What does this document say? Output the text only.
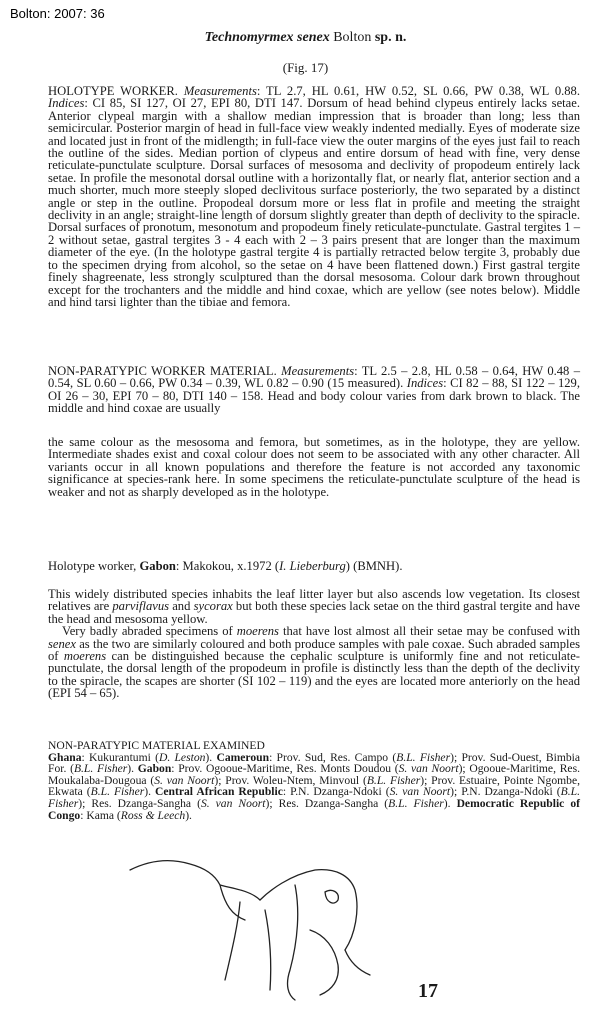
Bolton: 2007: 36
Technomyrmex senex Bolton sp. n.
(Fig. 17)
HOLOTYPE WORKER. Measurements: TL 2.7, HL 0.61, HW 0.52, SL 0.66, PW 0.38, WL 0.88. Indices: CI 85, SI 127, OI 27, EPI 80, DTI 147. Dorsum of head behind clypeus entirely lacks setae. Anterior clypeal margin with a shallow median impression that is broader than long; less than semicircular. Posterior margin of head in full-face view weakly indented medially. Eyes of moderate size and located just in front of the midlength; in full-face view the outer margins of the eyes just fail to reach the outline of the sides. Median portion of clypeus and entire dorsum of head with fine, very dense reticulate-punctulate sculpture. Dorsal surfaces of mesosoma and declivity of propodeum entirely lack setae. In profile the mesonotal dorsal outline with a horizontally flat, or nearly flat, anterior section and a much shorter, much more steeply sloped declivitous surface posteriorly, the two separated by a distinct angle or step in the outline. Propodeal dorsum more or less flat in profile and meeting the straight declivity in an angle; straight-line length of dorsum slightly greater than depth of declivity to the spiracle. Dorsal surfaces of pronotum, mesonotum and propodeum finely reticulate-punctulate. Gastral tergites 1 – 2 without setae, gastral tergites 3 - 4 each with 2 – 3 pairs present that are longer than the maximum diameter of the eye. (In the holotype gastral tergite 4 is partially retracted below tergite 3, probably due to the specimen drying from alcohol, so the setae on 4 have been flattened down.) First gastral tergite finely shagreenate, less strongly sculptured than the dorsal mesosoma. Colour dark brown throughout except for the trochanters and the middle and hind coxae, which are yellow (see notes below). Middle and hind tarsi lighter than the tibiae and femora.
NON-PARATYPIC WORKER MATERIAL. Measurements: TL 2.5 – 2.8, HL 0.58 – 0.64, HW 0.48 – 0.54, SL 0.60 – 0.66, PW 0.34 – 0.39, WL 0.82 – 0.90 (15 measured). Indices: CI 82 – 88, SI 122 – 129, OI 26 – 30, EPI 70 – 80, DTI 140 – 158. Head and body colour varies from dark brown to black. The middle and hind coxae are usually
the same colour as the mesosoma and femora, but sometimes, as in the holotype, they are yellow. Intermediate shades exist and coxal colour does not seem to be associated with any other character. All variants occur in all known populations and therefore the feature is not accorded any taxonomic significance at species-rank here. In some specimens the reticulate-punctulate sculpture of the head is weaker and not as sharply developed as in the holotype.
Holotype worker, Gabon: Makokou, x.1972 (I. Lieberburg) (BMNH).
This widely distributed species inhabits the leaf litter layer but also ascends low vegetation. Its closest relatives are parviflavus and sycorax but both these species lack setae on the third gastral tergite and have the head and mesosoma yellow.
Very badly abraded specimens of moerens that have lost almost all their setae may be confused with senex as the two are similarly coloured and both produce samples with pale coxae. Such abraded samples of moerens can be distinguished because the cephalic sculpture is uniformly fine and not reticulate-punctulate, the dorsal length of the propodeum in profile is distinctly less than the depth of the declivity to the spiracle, the scapes are shorter (SI 102 – 119) and the eyes are located more anteriorly on the head (EPI 54 – 65).
NON-PARATYPIC MATERIAL EXAMINED
Ghana: Kukurantumi (D. Leston). Cameroun: Prov. Sud, Res. Campo (B.L. Fisher); Prov. Sud-Ouest, Bimbia For. (B.L. Fisher). Gabon: Prov. Ogooue-Maritime, Res. Monts Doudou (S. van Noort); Ogooue-Maritime, Res. Moukalaba-Dougoua (S. van Noort); Prov. Woleu-Ntem, Minvoul (B.L. Fisher); Prov. Estuaire, Pointe Ngombe, Ekwata (B.L. Fisher). Central African Republic: P.N. Dzanga-Ndoki (S. van Noort); P.N. Dzanga-Ndoki (B.L. Fisher); Res. Dzanga-Sangha (S. van Noort); Res. Dzanga-Sangha (B.L. Fisher). Democratic Republic of Congo: Kama (Ross & Leech).
17
